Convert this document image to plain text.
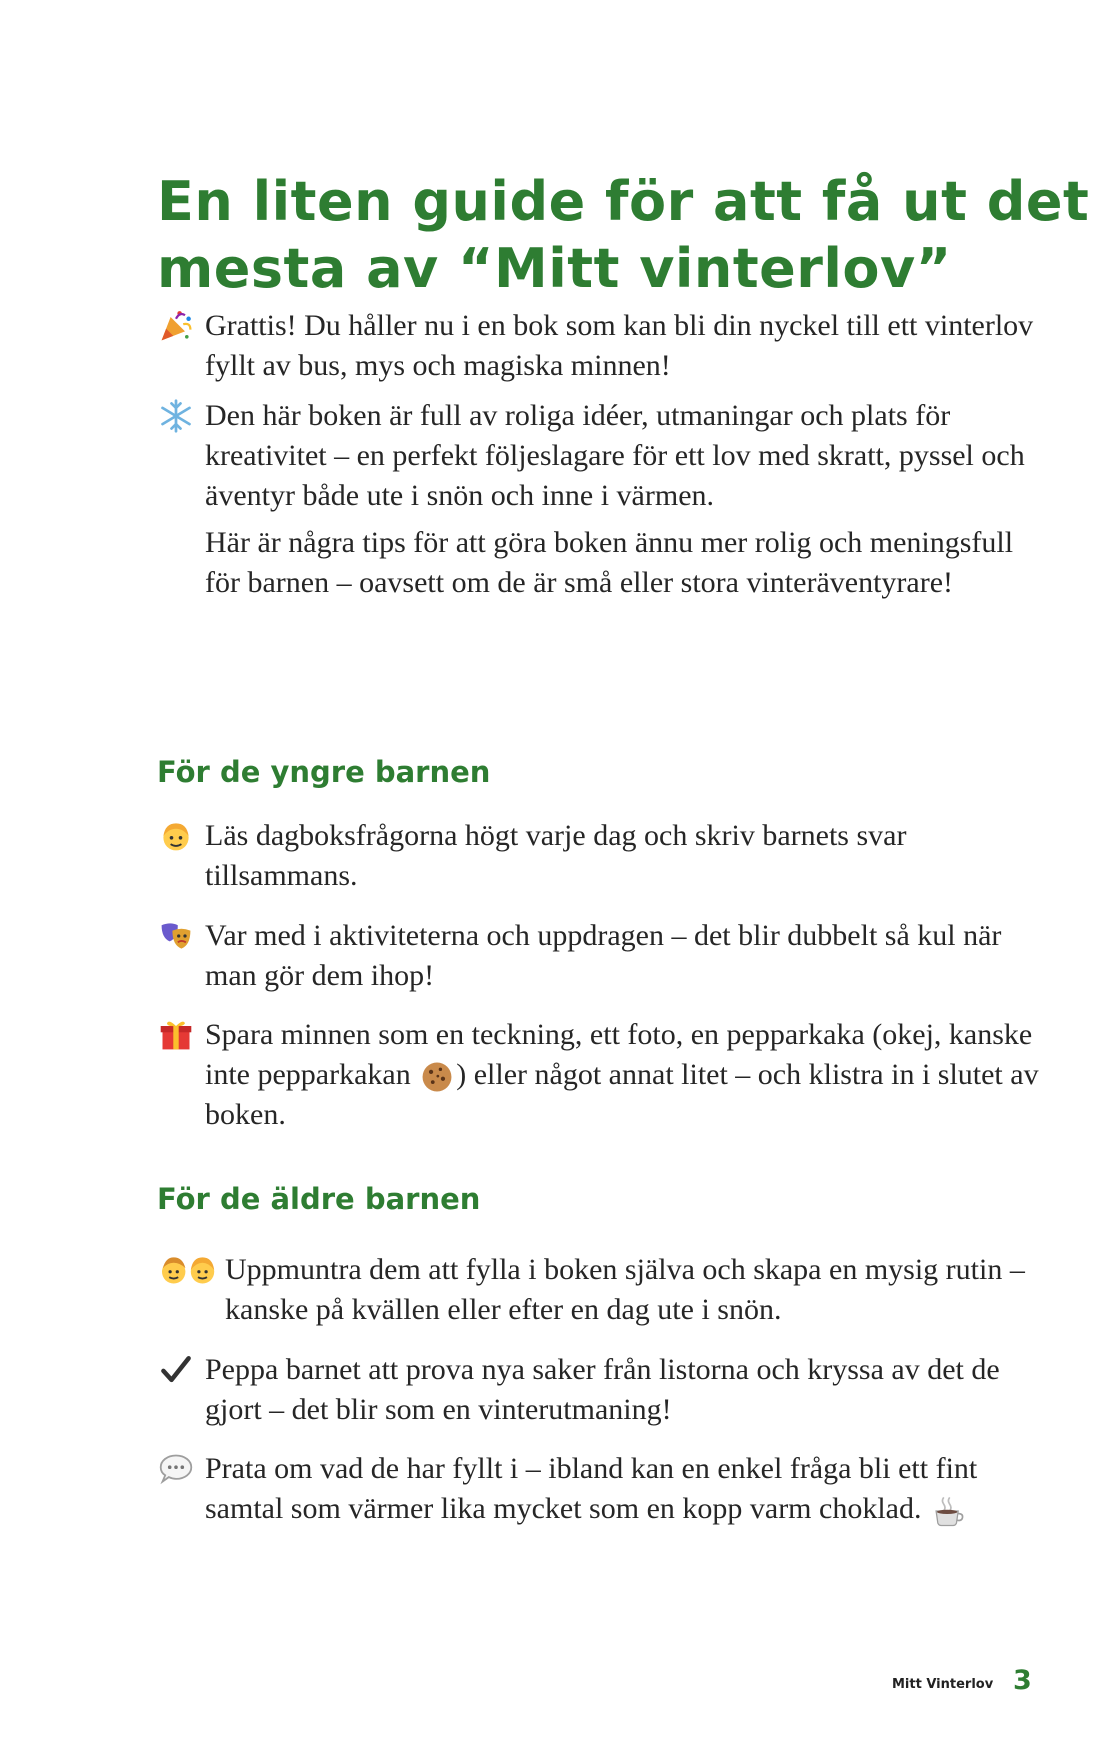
En liten guide för att få ut det
mesta av “Mitt vinterlov”

Grattis! Du håller nu i en bok som kan bli din nyckel till ett vinterlov fyllt av bus, mys och magiska minnen!

Den här boken är full av roliga idéer, utmaningar och plats för kreativitet – en perfekt följeslagare för ett lov med skratt, pyssel och äventyr både ute i snön och inne i värmen.

Här är några tips för att göra boken ännu mer rolig och meningsfull för barnen – oavsett om de är små eller stora vinteräventyrare!

För de yngre barnen

Läs dagboksfrågorna högt varje dag och skriv barnets svar tillsammans.

Var med i aktiviteterna och uppdragen – det blir dubbelt så kul när man gör dem ihop!

Spara minnen som en teckning, ett foto, en pepparkaka (okej, kanske inte pepparkakan
) eller något annat litet – och klistra in i slutet av boken.

För de äldre barnen

Uppmuntra dem att fylla i boken själva och skapa en mysig rutin – kanske på kvällen eller efter en dag ute i snön.

Peppa barnet att prova nya saker från listorna och kryssa av det de gjort – det blir som en vinterutmaning!

Prata om vad de har fyllt i – ibland kan en enkel fråga bli ett fint samtal som värmer lika mycket som en kopp varm choklad.

Mitt Vinterlov 3
